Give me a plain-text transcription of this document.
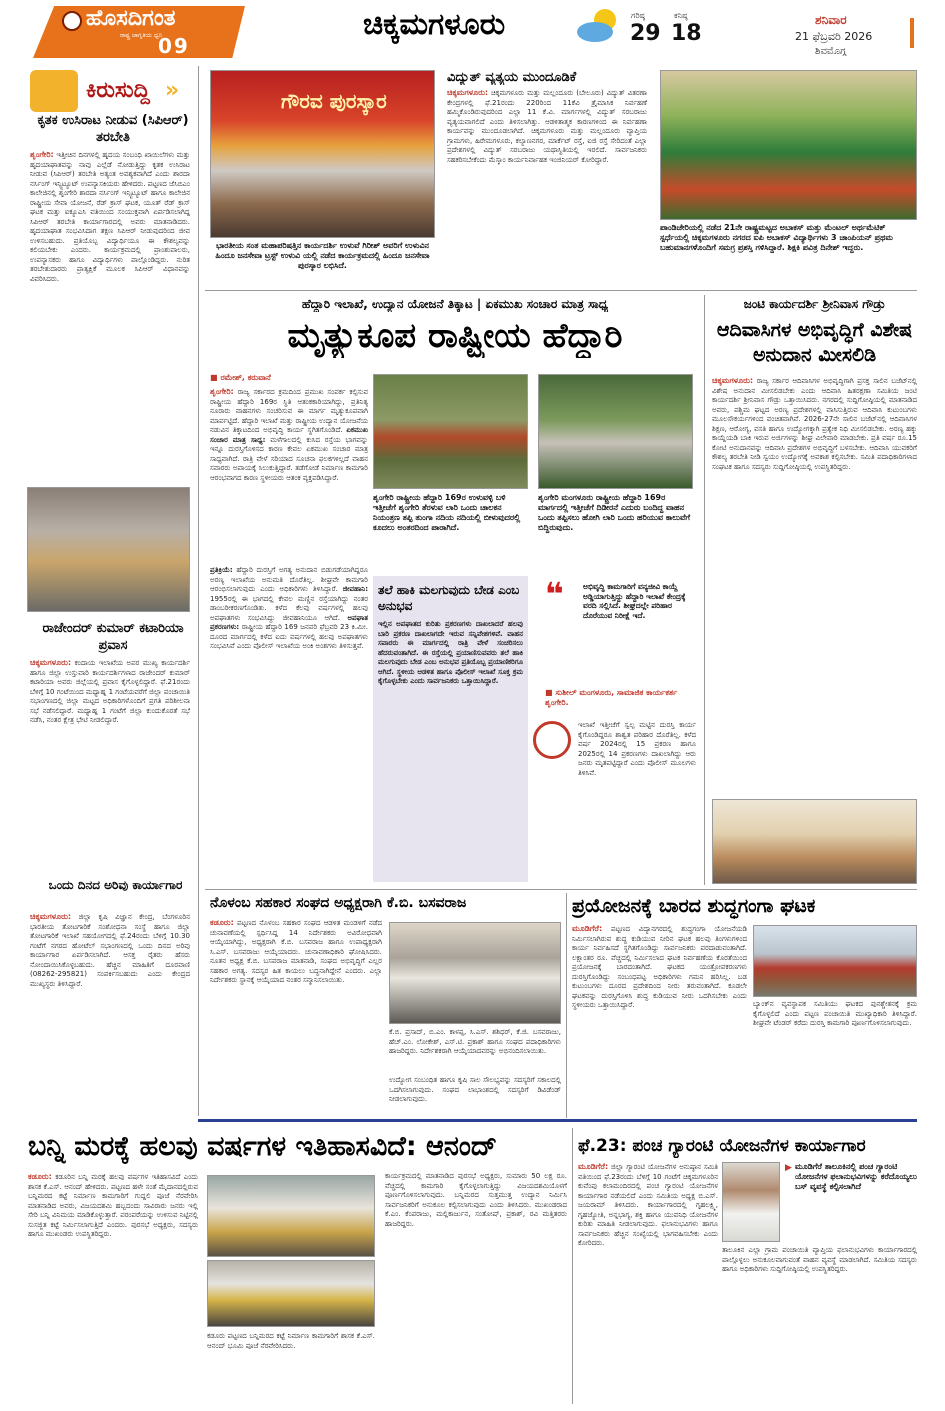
ಹೊಸದಿಗಂತ
ರಾಷ್ಟ್ರ ಜಾಗೃತಿಯ ಧ್ವನಿ
09
ಚಿಕ್ಕಮಗಳೂರು	ಗರಿಷ್ಠ
29
ಕನಿಷ್ಠ
18
ಶನಿವಾರ
21 ಫೆಬ್ರವರಿ 2026
ಶಿವಮೊಗ್ಗ
ಕಿರುಸುದ್ದಿ »
ಕೃತಕ ಉಸಿರಾಟ ನೀಡುವ (ಸಿಪಿಆರ್) ತರಬೇತಿ
ಶೃಂಗೇರಿ: ಇತ್ತೀಚಿನ ದಿನಗಳಲ್ಲಿ ಹೃದಯ ಸಂಬಂಧಿ ಖಾಯಿಲೆಗಳು ಮತ್ತು ಹೃದಯಾಘಾತವನ್ನು ನಾವು ಎಲ್ಲೆಡೆ ನೋಡುತ್ತಿದ್ದು ಕೃತಕ ಉಸಿರಾಟ ನೀಡುವ (ಸಿಪಿಆರ್) ತರಬೇತಿ ಅತ್ಯಂತ ಅವಶ್ಯಕವಾಗಿದೆ ಎಂದು ಶಾರದಾ ನರ್ಸಿಂಗ್ ಇನ್ಸ್ಟಿಟ್ಯೂಟ್ ಉಪನ್ಯಾಸಕಿಯರು ಹೇಳಿದರು. ಪಟ್ಟಣದ ಜೆಸಿಬಿಎಂ ಕಾಲೇಜಿನಲ್ಲಿ ಶೃಂಗೇರಿ ಶಾರದಾ ನರ್ಸಿಂಗ್ ಇನ್ಸ್ಟಿಟ್ಯೂಟ್ ಹಾಗೂ ಕಾಲೇಜಿನ ರಾಷ್ಟ್ರೀಯ ಸೇವಾ ಯೋಜನೆ, ರೆಡ್ ಕ್ರಾಸ್ ಘಟಕ, ಯೂತ್ ರೆಡ್ ಕ್ರಾಸ್ ಘಟಕ ಮತ್ತು ಐಕ್ಯೂಎಸಿ ವತಿಯಿಂದ ಸಂಯುಕ್ತವಾಗಿ ಏರ್ಪಡಿಸಲಾಗಿದ್ದ ಸಿಪಿಆರ್ ತರಬೇತಿ ಕಾರ್ಯಾಗಾರದಲ್ಲಿ ಅವರು ಮಾತನಾಡಿದರು. ಹೃದಯಾಘಾತ ಸಂಭವಿಸಿದಾಗ ತಕ್ಷಣ ಸಿಪಿಆರ್ ನೀಡುವುದರಿಂದ ಜೀವ ಉಳಿಸಬಹುದು. ಪ್ರತಿಯೊಬ್ಬ ವಿದ್ಯಾರ್ಥಿಯೂ ಈ ಕೌಶಲ್ಯವನ್ನು ಕಲಿಯಬೇಕು ಎಂದರು. ಕಾರ್ಯಕ್ರಮದಲ್ಲಿ ಪ್ರಾಂಶುಪಾಲರು, ಉಪನ್ಯಾಸಕರು ಹಾಗೂ ವಿದ್ಯಾರ್ಥಿಗಳು ಪಾಲ್ಗೊಂಡಿದ್ದರು. ನುರಿತ ತರಬೇತುದಾರರು ಪ್ರಾತ್ಯಕ್ಷಿಕೆ ಮೂಲಕ ಸಿಪಿಆರ್ ವಿಧಾನವನ್ನು ವಿವರಿಸಿದರು.
ರಾಜೇಂದರ್ ಕುಮಾರ್ ಕಟಾರಿಯಾ ಪ್ರವಾಸ
ಚಿಕ್ಕಮಗಳೂರು: ಕಂದಾಯ ಇಲಾಖೆಯ ಅಪರ ಮುಖ್ಯ ಕಾರ್ಯದರ್ಶಿ ಹಾಗೂ ಜಿಲ್ಲಾ ಉಸ್ತುವಾರಿ ಕಾರ್ಯದರ್ಶಿಗಳಾದ ರಾಜೇಂದರ್ ಕುಮಾರ್ ಕಟಾರಿಯಾ ಅವರು ಜಿಲ್ಲೆಯಲ್ಲಿ ಪ್ರವಾಸ ಕೈಗೊಳ್ಳಲಿದ್ದಾರೆ. ಫೆ.21ರಂದು ಬೆಳಿಗ್ಗೆ 10 ಗಂಟೆಯಿಂದ ಮಧ್ಯಾಹ್ನ 1 ಗಂಟೆಯವರೆಗೆ ಜಿಲ್ಲಾ ಪಂಚಾಯಿತಿ ಸಭಾಂಗಣದಲ್ಲಿ ಜಿಲ್ಲಾ ಮಟ್ಟದ ಅಧಿಕಾರಿಗಳೊಂದಿಗೆ ಪ್ರಗತಿ ಪರಿಶೀಲನಾ ಸಭೆ ನಡೆಸಲಿದ್ದಾರೆ. ಮಧ್ಯಾಹ್ನ 1 ಗಂಟೆಗೆ ಜಿಲ್ಲಾ ಕುಂದುಕೊರತೆ ಸಭೆ ನಡೆಸಿ, ನಂತರ ಕ್ಷೇತ್ರ ಭೇಟಿ ನೀಡಲಿದ್ದಾರೆ.
ಒಂದು ದಿನದ ಅರಿವು ಕಾರ್ಯಾಗಾರ
ಚಿಕ್ಕಮಗಳೂರು: ಜಿಲ್ಲಾ ಕೃಷಿ ವಿಜ್ಞಾನ ಕೇಂದ್ರ, ಬೆಂಗಳೂರಿನ ಭಾರತೀಯ ತೋಟಗಾರಿಕೆ ಸಂಶೋಧನಾ ಸಂಸ್ಥೆ ಹಾಗೂ ಜಿಲ್ಲಾ ತೋಟಗಾರಿಕೆ ಇಲಾಖೆ ಸಹಯೋಗದಲ್ಲಿ ಫೆ.24ರಂದು ಬೆಳಿಗ್ಗೆ 10.30 ಗಂಟೆಗೆ ನಗರದ ಹೋಟೆಲ್ ಸಭಾಂಗಣದಲ್ಲಿ ಒಂದು ದಿನದ ಅರಿವು ಕಾರ್ಯಾಗಾರ ಏರ್ಪಡಿಸಲಾಗಿದೆ. ಆಸಕ್ತ ರೈತರು ಹೆಸರು ನೋಂದಾಯಿಸಿಕೊಳ್ಳಬಹುದು. ಹೆಚ್ಚಿನ ಮಾಹಿತಿಗೆ ದೂರವಾಣಿ (08262-295821) ಸಂಪರ್ಕಿಸಬಹುದು ಎಂದು ಕೇಂದ್ರದ ಮುಖ್ಯಸ್ಥರು ತಿಳಿಸಿದ್ದಾರೆ.
ಗೌರವ ಪುರಸ್ಕಾರ
ಭಾರತೀಯ ಸಂತ ಮಹಾಪರಿಷತ್ತಿನ ಕಾರ್ಯದರ್ಶಿ ಉಳುವೆ ಗಿರೀಶ್ ಅವರಿಗೆ ಉಳುವಿನ ಹಿಂದೂ ಜನಸೇವಾ ಟ್ರಸ್ಟ್ ಉಳುವಿ ಯಲ್ಲಿ ನಡೆದ ಕಾರ್ಯಕ್ರಮದಲ್ಲಿ ಹಿಂದೂ ಜನಸೇವಾ ಪುರಸ್ಕಾರ ಲಭಿಸಿದೆ.
ವಿದ್ಯುತ್ ವ್ಯತ್ಯಯ ಮುಂದೂಡಿಕೆ
ಚಿಕ್ಕಮಗಳೂರು: ಚಿಕ್ಕಮಗಳೂರು ಮತ್ತು ಮಲ್ಲಂದೂರು (ಬೇಲೂರು) ವಿದ್ಯುತ್ ವಿತರಣಾ ಕೇಂದ್ರಗಳಲ್ಲಿ ಫೆ.21ರಂದು 220ರಿಂದ 11ಕೆವಿ ತ್ರೈಮಾಸಿಕ ನಿರ್ವಹಣೆ ಹಮ್ಮಿಕೊಂಡಿರುವುದರಿಂದ ಎಲ್ಲಾ 11 ಕೆ.ವಿ. ಮಾರ್ಗಗಳಲ್ಲಿ ವಿದ್ಯುತ್ ಸರಬರಾಜು ವ್ಯತ್ಯಯವಾಗಲಿದೆ ಎಂದು ತಿಳಿಸಲಾಗಿತ್ತು. ಆಡಳಿತಾತ್ಮಕ ಕಾರಣಗಳಿಂದ ಈ ನಿರ್ವಹಣಾ ಕಾರ್ಯವನ್ನು ಮುಂದೂಡಲಾಗಿದೆ. ಚಿಕ್ಕಮಗಳೂರು ಮತ್ತು ಮಲ್ಲಂದೂರು ವ್ಯಾಪ್ತಿಯ ಗ್ರಾಮಗಳು, ಹಿರೇಮಗಳೂರು, ಕಲ್ಯಾಣನಗರ, ಮಾರ್ಕೆಟ್ ರಸ್ತೆ, ಐಜಿ ರಸ್ತೆ ಸೇರಿದಂತೆ ಎಲ್ಲಾ ಪ್ರದೇಶಗಳಲ್ಲಿ ವಿದ್ಯುತ್ ಸರಬರಾಜು ಯಥಾಸ್ಥಿತಿಯಲ್ಲಿ ಇರಲಿದೆ. ಸಾರ್ವಜನಿಕರು ಸಹಕರಿಸಬೇಕೆಂದು ಮೆಸ್ಕಾಂ ಕಾರ್ಯನಿರ್ವಾಹಕ ಇಂಜಿನಿಯರ್ ಕೋರಿದ್ದಾರೆ.
ಪಾಂಡಿಚೇರಿಯಲ್ಲಿ ನಡೆದ 21ನೇ ರಾಷ್ಟ್ರಮಟ್ಟದ ಅಬಾಕಸ್ ಮತ್ತು ಮೆಂಟಲ್ ಅರ್ಥಮೆಟಿಕ್ ಸ್ಪರ್ಧೆಯಲ್ಲಿ ಚಿಕ್ಕಮಗಳೂರು ನಗರದ ಐಪಿ ಅಬಾಕಸ್ ವಿದ್ಯಾರ್ಥಿಗಳು 3 ಚಾಂಪಿಯನ್ ಪ್ರಥಮ ಬಹುಮಾನಗಳೊಂದಿಗೆ ಸಮಗ್ರ ಪ್ರಶಸ್ತಿ ಗಳಿಸಿದ್ದಾರೆ. ಶಿಕ್ಷಕಿ ಪವಿತ್ರ ದಿನೇಶ್ ಇದ್ದರು.
ಹೆದ್ದಾರಿ ಇಲಾಖೆ, ಉದ್ಯಾನ ಯೋಜನೆ ತಿಕ್ಕಾಟ | ಏಕಮುಖ ಸಂಚಾರ ಮಾತ್ರ ಸಾಧ್ಯ
ಮೃತ್ಯುಕೂಪ ರಾಷ್ಟ್ರೀಯ ಹೆದ್ದಾರಿ
■ ರಮೇಶ್, ಕರುವಾನೆ
ಶೃಂಗೇರಿ: ರಾಜ್ಯ ಸರ್ಕಾರದ ಕ್ರಮದಿಂದ ಪ್ರಮುಖ ಸಂಪರ್ಕ ಕಲ್ಪಿಸುವ ರಾಷ್ಟ್ರೀಯ ಹೆದ್ದಾರಿ 169ರ ಸ್ಥಿತಿ ಆತಂಕಕಾರಿಯಾಗಿದ್ದು, ಪ್ರತಿನಿತ್ಯ ನೂರಾರು ವಾಹನಗಳು ಸಂಚರಿಸುವ ಈ ಮಾರ್ಗ ಮೃತ್ಯುಕೂಪವಾಗಿ ಮಾರ್ಪಟ್ಟಿದೆ. ಹೆದ್ದಾರಿ ಇಲಾಖೆ ಮತ್ತು ರಾಷ್ಟ್ರೀಯ ಉದ್ಯಾನ ಯೋಜನೆಯ ನಡುವಿನ ತಿಕ್ಕಾಟದಿಂದ ಅಭಿವೃದ್ಧಿ ಕಾರ್ಯ ಸ್ಥಗಿತಗೊಂಡಿದೆ. ಏಕಮುಖ ಸಂಚಾರ ಮಾತ್ರ ಸಾಧ್ಯ: ಮಳೆಗಾಲದಲ್ಲಿ ಕುಸಿದ ರಸ್ತೆಯ ಭಾಗವನ್ನು ಇನ್ನೂ ದುರಸ್ತಿಗೊಳಿಸದ ಕಾರಣ ಕೇವಲ ಏಕಮುಖ ಸಂಚಾರ ಮಾತ್ರ ಸಾಧ್ಯವಾಗಿದೆ. ರಾತ್ರಿ ವೇಳೆ ಸರಿಯಾದ ಸೂಚನಾ ಫಲಕಗಳಿಲ್ಲದೆ ವಾಹನ ಸವಾರರು ಅಪಾಯಕ್ಕೆ ಸಿಲುಕುತ್ತಿದ್ದಾರೆ. ತಡೆಗೋಡೆ ನಿರ್ಮಾಣ ಕಾಮಗಾರಿ ಆರಂಭವಾಗದ ಕಾರಣ ಸ್ಥಳೀಯರು ಆತಂಕ ವ್ಯಕ್ತಪಡಿಸಿದ್ದಾರೆ.
ಪ್ರತಿಕ್ರಿಯೆ: ಹೆದ್ದಾರಿ ದುರಸ್ತಿಗೆ ಅಗತ್ಯ ಅನುದಾನ ಬಿಡುಗಡೆಯಾಗಿದ್ದರೂ ಅರಣ್ಯ ಇಲಾಖೆಯ ಅನುಮತಿ ದೊರೆತಿಲ್ಲ. ಶೀಘ್ರವೇ ಕಾಮಗಾರಿ ಆರಂಭಿಸಲಾಗುವುದು ಎಂದು ಅಧಿಕಾರಿಗಳು ತಿಳಿಸಿದ್ದಾರೆ. ಜೀವಹಾನಿ: 1955ರಲ್ಲಿ ಈ ಭಾಗದಲ್ಲಿ ಕೇವಲ ಮಣ್ಣಿನ ರಸ್ತೆಯಾಗಿದ್ದು ನಂತರ ಡಾಂಬರೀಕರಣಗೊಂಡಿತು. ಕಳೆದ ಕೆಲವು ವರ್ಷಗಳಲ್ಲಿ ಹಲವು ಅಪಘಾತಗಳು ಸಂಭವಿಸಿದ್ದು ಜೀವಹಾನಿಯೂ ಆಗಿದೆ. ಅಪಘಾತ ಪ್ರಕರಣಗಳು: ರಾಷ್ಟ್ರೀಯ ಹೆದ್ದಾರಿ 169 ಜನವರಿ ಫೆಬ್ರವರಿ 23 ಕಿ.ಮೀ. ದೂರದ ಮಾರ್ಗದಲ್ಲಿ ಕಳೆದ ಐದು ವರ್ಷಗಳಲ್ಲಿ ಹಲವು ಅಪಘಾತಗಳು ಸಂಭವಿಸಿವೆ ಎಂದು ಪೊಲೀಸ್ ಇಲಾಖೆಯ ಅಂಕಿ ಅಂಶಗಳು ತಿಳಿಸುತ್ತವೆ.
ಶೃಂಗೇರಿ ರಾಷ್ಟ್ರೀಯ ಹೆದ್ದಾರಿ 169ರ ಉಳುವಳ್ಳಿ ಬಳಿ ಇತ್ತೀಚೆಗೆ ಶೃಂಗೇರಿ ತೆರಳುವ ಲಾರಿ ಒಂದು ಚಾಲಕನ ನಿಯಂತ್ರಣ ತಪ್ಪಿ ತುಂಗಾ ನದಿಯ ನದಿಯಲ್ಲಿ ಬೀಳುವುದರಲ್ಲಿ ಕೂದಲು ಅಂತರದಿಂದ ಪಾರಾಗಿದೆ.
ಶೃಂಗೇರಿ ಮಂಗಳೂರು ರಾಷ್ಟ್ರೀಯ ಹೆದ್ದಾರಿ 169ರ ಮಾರ್ಗದಲ್ಲಿ ಇತ್ತೀಚೆಗೆ ದಿಡೀರನೆ ಎದುರು ಬಂದಿದ್ದ ವಾಹನ ಒಂದು ತಪ್ಪಿಸಲು ಹೋಗಿ ಲಾರಿ ಒಂದು ಹರಿಯುವ ಕಾಲುವೆಗೆ ಬಿದ್ದಿರುವುದು.
ತಲೆ ಹಾಕಿ ಮಲಗುವುದು ಬೇಡ ಎಂಬ ಅನುಭವ
ಇಲ್ಲಿನ ಅಪಘಾತದ ಕುರಿತು ಪ್ರಕರಣಗಳು ದಾಖಲಾದರೆ ಹಲವು ಬಾರಿ ಪ್ರಕರಣ ದಾಖಲಾಗದೇ ಇರುವ ಸನ್ನಿವೇಶಗಳಿವೆ. ವಾಹನ ಸವಾರರು ಈ ಮಾರ್ಗದಲ್ಲಿ ರಾತ್ರಿ ವೇಳೆ ಸಂಚರಿಸಲು ಹೆದರುವಂತಾಗಿದೆ. ಈ ರಸ್ತೆಯಲ್ಲಿ ಪ್ರಯಾಣಿಸುವವರು ತಲೆ ಹಾಕಿ ಮಲಗುವುದು ಬೇಡ ಎಂಬ ಅನುಭವ ಪ್ರತಿಯೊಬ್ಬ ಪ್ರಯಾಣಿಕರಿಗೂ ಆಗಿದೆ. ಸ್ಥಳೀಯ ಆಡಳಿತ ಹಾಗೂ ಪೊಲೀಸ್ ಇಲಾಖೆ ಸೂಕ್ತ ಕ್ರಮ ಕೈಗೊಳ್ಳಬೇಕು ಎಂದು ಸಾರ್ವಜನಿಕರು ಒತ್ತಾಯಿಸಿದ್ದಾರೆ.
❝	ಅಭಿವೃದ್ಧಿ ಕಾಮಗಾರಿಗೆ ವನ್ಯಜೀವಿ ಕಾಯ್ದೆ ಅಡ್ಡಿಯಾಗುತ್ತಿದ್ದು ಹೆದ್ದಾರಿ ಇಲಾಖೆ ಕೇಂದ್ರಕ್ಕೆ ವರದಿ ಸಲ್ಲಿಸಿದೆ. ಶೀಘ್ರದಲ್ಲೇ ಪರಿಹಾರ ದೊರೆಯುವ ನಿರೀಕ್ಷೆ ಇದೆ.
■ ಸುಶೀಲ್ ಮಂಗಳೂರು, ಸಾಮಾಜಿಕ ಕಾರ್ಯಕರ್ತ ಶೃಂಗೇರಿ.
ಇಲಾಖೆ ಇತ್ತೀಚೆಗೆ ಸ್ವಲ್ಪ ಮಟ್ಟಿನ ದುರಸ್ತಿ ಕಾರ್ಯ ಕೈಗೊಂಡಿದ್ದರೂ ಶಾಶ್ವತ ಪರಿಹಾರ ದೊರೆತಿಲ್ಲ. ಕಳೆದ ವರ್ಷ 2024ರಲ್ಲಿ 15 ಪ್ರಕರಣ ಹಾಗೂ 2025ರಲ್ಲಿ 14 ಪ್ರಕರಣಗಳು ದಾಖಲಾಗಿದ್ದು ಆರು ಜನರು ಮೃತಪಟ್ಟಿದ್ದಾರೆ ಎಂದು ಪೊಲೀಸ್ ಮೂಲಗಳು ತಿಳಿಸಿವೆ.
ಜಂಟಿ ಕಾರ್ಯದರ್ಶಿ ಶ್ರೀನಿವಾಸ ಗೌಡ್ರು
ಆದಿವಾಸಿಗಳ ಅಭಿವೃದ್ಧಿಗೆ ವಿಶೇಷ ಅನುದಾನ ಮೀಸಲಿಡಿ
ಚಿಕ್ಕಮಗಳೂರು: ರಾಜ್ಯ ಸರ್ಕಾರ ಆದಿವಾಸಿಗಳ ಅಭಿವೃದ್ಧಿಗಾಗಿ ಪ್ರಸಕ್ತ ಸಾಲಿನ ಬಜೆಟ್‌ನಲ್ಲಿ ವಿಶೇಷ ಅನುದಾನ ಮೀಸಲಿಡಬೇಕು ಎಂದು ಆದಿವಾಸಿ ಹಿತರಕ್ಷಣಾ ಸಮಿತಿಯ ಜಂಟಿ ಕಾರ್ಯದರ್ಶಿ ಶ್ರೀನಿವಾಸ ಗೌಡ್ರು ಒತ್ತಾಯಿಸಿದರು. ನಗರದಲ್ಲಿ ಸುದ್ದಿಗೋಷ್ಠಿಯಲ್ಲಿ ಮಾತನಾಡಿದ ಅವರು, ಪಶ್ಚಿಮ ಘಟ್ಟದ ಅರಣ್ಯ ಪ್ರದೇಶಗಳಲ್ಲಿ ವಾಸಿಸುತ್ತಿರುವ ಆದಿವಾಸಿ ಕುಟುಂಬಗಳು ಮೂಲಸೌಕರ್ಯಗಳಿಂದ ವಂಚಿತವಾಗಿವೆ. 2026-27ನೇ ಸಾಲಿನ ಬಜೆಟ್‌ನಲ್ಲಿ ಆದಿವಾಸಿಗಳ ಶಿಕ್ಷಣ, ಆರೋಗ್ಯ, ವಸತಿ ಹಾಗೂ ಉದ್ಯೋಗಕ್ಕಾಗಿ ಪ್ರತ್ಯೇಕ ನಿಧಿ ಮೀಸಲಿಡಬೇಕು. ಅರಣ್ಯ ಹಕ್ಕು ಕಾಯ್ದೆಯಡಿ ಬಾಕಿ ಇರುವ ಅರ್ಜಿಗಳನ್ನು ಶೀಘ್ರ ವಿಲೇವಾರಿ ಮಾಡಬೇಕು. ಪ್ರತಿ ವರ್ಷ ರೂ.15 ಕೋಟಿ ಅನುದಾನವನ್ನು ಆದಿವಾಸಿ ಪ್ರದೇಶಗಳ ಅಭಿವೃದ್ಧಿಗೆ ಬಳಸಬೇಕು. ಆದಿವಾಸಿ ಯುವಕರಿಗೆ ಕೌಶಲ್ಯ ತರಬೇತಿ ನೀಡಿ ಸ್ವಯಂ ಉದ್ಯೋಗಕ್ಕೆ ಅವಕಾಶ ಕಲ್ಪಿಸಬೇಕು. ಸಮಿತಿ ಪದಾಧಿಕಾರಿಗಳಾದ ಸಂಘಟಕ ಹಾಗೂ ಸದಸ್ಯರು ಸುದ್ದಿಗೋಷ್ಠಿಯಲ್ಲಿ ಉಪಸ್ಥಿತರಿದ್ದರು.
ನೊಳಂಬ ಸಹಕಾರ ಸಂಘದ ಅಧ್ಯಕ್ಷರಾಗಿ ಕೆ.ಬಿ. ಬಸವರಾಜ
ಕಡೂರು: ಪಟ್ಟಣದ ನೊಳಂಬ ಸಹಕಾರ ಸಂಘದ ಆಡಳಿತ ಮಂಡಳಿಗೆ ನಡೆದ ಚುನಾವಣೆಯಲ್ಲಿ ಸ್ಪರ್ಧಿಸಿದ್ದ 14 ನಿರ್ದೇಶಕರು ಅವಿರೋಧವಾಗಿ ಆಯ್ಕೆಯಾಗಿದ್ದು, ಅಧ್ಯಕ್ಷರಾಗಿ ಕೆ.ಬಿ. ಬಸವರಾಜ ಹಾಗೂ ಉಪಾಧ್ಯಕ್ಷರಾಗಿ ಸಿ.ಎಸ್. ಬಸವರಾಜು ಆಯ್ಕೆಯಾದರು. ಚುನಾವಣಾಧಿಕಾರಿ ಘೋಷಿಸಿದರು. ನೂತನ ಅಧ್ಯಕ್ಷ ಕೆ.ಬಿ. ಬಸವರಾಜ ಮಾತನಾಡಿ, ಸಂಘದ ಅಭಿವೃದ್ಧಿಗೆ ಎಲ್ಲರ ಸಹಕಾರ ಅಗತ್ಯ. ಸದಸ್ಯರ ಹಿತ ಕಾಯಲು ಬದ್ಧನಾಗಿದ್ದೇನೆ ಎಂದರು. ಎಲ್ಲಾ ನಿರ್ದೇಶಕರು ಸ್ಥಾನಕ್ಕೆ ಆಯ್ಕೆಯಾದ ನಂತರ ಸನ್ಮಾನಿಸಲಾಯಿತು.
ಕೆ.ಬಿ. ಪ್ರಸಾದ್, ಬಿ.ಎಂ. ಕಾಳಪ್ಪ, ಸಿ.ಎಸ್. ಶಶಿಧರ್, ಕೆ.ಜಿ. ಬಸವರಾಜು, ಹೆಚ್.ಎಂ. ಲೋಕೇಶ್, ಎಸ್.ಟಿ. ಪ್ರಕಾಶ್ ಹಾಗೂ ಸಂಘದ ಪದಾಧಿಕಾರಿಗಳು ಹಾಜರಿದ್ದರು. ನಿರ್ದೇಶಕರಾಗಿ ಆಯ್ಕೆಯಾದವರನ್ನು ಅಭಿನಂದಿಸಲಾಯಿತು.
ಉದ್ಯೋಗ ಸಂಬಂಧಿತ ಹಾಗೂ ಕೃಷಿ ಸಾಲ ಸೌಲಭ್ಯವನ್ನು ಸದಸ್ಯರಿಗೆ ಸಕಾಲದಲ್ಲಿ ಒದಗಿಸಲಾಗುವುದು. ಸಂಘದ ಲಾಭಾಂಶದಲ್ಲಿ ಸದಸ್ಯರಿಗೆ ಡಿವಿಡೆಂಡ್ ನೀಡಲಾಗುವುದು.
ಪ್ರಯೋಜನಕ್ಕೆ ಬಾರದ ಶುದ್ಧಗಂಗಾ ಘಟಕ
ಮೂಡಿಗೆರೆ: ಪಟ್ಟಣದ ವಿದ್ಯಾನಗರದಲ್ಲಿ ಶುದ್ಧಗಂಗಾ ಯೋಜನೆಯಡಿ ನಿರ್ಮಿಸಲಾಗಿರುವ ಶುದ್ಧ ಕುಡಿಯುವ ನೀರಿನ ಘಟಕ ಹಲವು ತಿಂಗಳುಗಳಿಂದ ಕಾರ್ಯ ನಿರ್ವಹಿಸದೆ ಸ್ಥಗಿತಗೊಂಡಿದ್ದು ಸಾರ್ವಜನಿಕರು ಪರದಾಡುವಂತಾಗಿದೆ. ಲಕ್ಷಾಂತರ ರೂ. ವೆಚ್ಚದಲ್ಲಿ ನಿರ್ಮಿಸಲಾದ ಘಟಕ ನಿರ್ವಹಣೆಯ ಕೊರತೆಯಿಂದ ಪ್ರಯೋಜನಕ್ಕೆ ಬಾರದಂತಾಗಿದೆ. ಘಟಕದ ಯಂತ್ರೋಪಕರಣಗಳು ದುರಸ್ತಿಗೊಂಡಿದ್ದು ಸಂಬಂಧಪಟ್ಟ ಅಧಿಕಾರಿಗಳು ಗಮನ ಹರಿಸಿಲ್ಲ. ಬಡ ಕುಟುಂಬಗಳು ದೂರದ ಪ್ರದೇಶದಿಂದ ನೀರು ತರುವಂತಾಗಿದೆ. ಕೂಡಲೇ ಘಟಕವನ್ನು ದುರಸ್ತಿಗೊಳಿಸಿ ಶುದ್ಧ ಕುಡಿಯುವ ನೀರು ಒದಗಿಸಬೇಕು ಎಂದು ಸ್ಥಳೀಯರು ಒತ್ತಾಯಿಸಿದ್ದಾರೆ.	ಬ್ಯಾಂಕ್‌ನ ವ್ಯವಸ್ಥಾಪಕ ಸಮಿತಿಯು ಘಟಕದ ಪುನಶ್ಚೇತನಕ್ಕೆ ಕ್ರಮ ಕೈಗೊಳ್ಳಲಿದೆ ಎಂದು ಪಟ್ಟಣ ಪಂಚಾಯಿತಿ ಮುಖ್ಯಾಧಿಕಾರಿ ತಿಳಿಸಿದ್ದಾರೆ. ಶೀಘ್ರವೇ ಟೆಂಡರ್ ಕರೆದು ದುರಸ್ತಿ ಕಾಮಗಾರಿ ಪೂರ್ಣಗೊಳಿಸಲಾಗುವುದು.
ಬನ್ನಿ ಮರಕ್ಕೆ ಹಲವು ವರ್ಷಗಳ ಇತಿಹಾಸವಿದೆ: ಆನಂದ್
ಕಡೂರು: ಕಡೂರಿನ ಬನ್ನಿ ಮರಕ್ಕೆ ಹಲವು ವರ್ಷಗಳ ಇತಿಹಾಸವಿದೆ ಎಂದು ಶಾಸಕ ಕೆ.ಎಸ್. ಆನಂದ್ ಹೇಳಿದರು. ಪಟ್ಟಣದ ಹಳೇ ಸಂತೆ ಮೈದಾನದಲ್ಲಿರುವ ಬನ್ನಿಮರದ ಕಟ್ಟೆ ನಿರ್ಮಾಣ ಕಾಮಗಾರಿಗೆ ಗುದ್ದಲಿ ಪೂಜೆ ನೆರವೇರಿಸಿ ಮಾತನಾಡಿದ ಅವರು, ವಿಜಯದಶಮಿ ಹಬ್ಬದಂದು ಸಾವಿರಾರು ಜನರು ಇಲ್ಲಿ ಸೇರಿ ಬನ್ನಿ ವಿನಿಮಯ ಮಾಡಿಕೊಳ್ಳುತ್ತಾರೆ. ಪರಂಪರೆಯನ್ನು ಉಳಿಸುವ ನಿಟ್ಟಿನಲ್ಲಿ ಸುಸಜ್ಜಿತ ಕಟ್ಟೆ ನಿರ್ಮಿಸಲಾಗುತ್ತಿದೆ ಎಂದರು. ಪುರಸಭೆ ಅಧ್ಯಕ್ಷರು, ಸದಸ್ಯರು ಹಾಗೂ ಮುಖಂಡರು ಉಪಸ್ಥಿತರಿದ್ದರು.
ಕಡೂರು ಪಟ್ಟಣದ ಬನ್ನಿಮರದ ಕಟ್ಟೆ ನಿರ್ಮಾಣ ಕಾಮಗಾರಿಗೆ ಶಾಸಕ ಕೆ.ಎಸ್. ಆನಂದ್ ಭೂಮಿ ಪೂಜೆ ನೆರವೇರಿಸಿದರು.
ಕಾರ್ಯಕ್ರಮದಲ್ಲಿ ಮಾತನಾಡಿದ ಪುರಸಭೆ ಅಧ್ಯಕ್ಷರು, ಸುಮಾರು 50 ಲಕ್ಷ ರೂ. ವೆಚ್ಚದಲ್ಲಿ ಕಾಮಗಾರಿ ಕೈಗೊಳ್ಳಲಾಗುತ್ತಿದ್ದು ವಿಜಯದಶಮಿಯೊಳಗೆ ಪೂರ್ಣಗೊಳಿಸಲಾಗುವುದು. ಬನ್ನಿಮರದ ಸುತ್ತಮುತ್ತ ಉದ್ಯಾನ ನಿರ್ಮಿಸಿ ಸಾರ್ವಜನಿಕರಿಗೆ ಅನುಕೂಲ ಕಲ್ಪಿಸಲಾಗುವುದು ಎಂದು ತಿಳಿಸಿದರು. ಮುಖಂಡರಾದ ಕೆ.ಎಂ. ಕೆಂಪರಾಜು, ಮಲ್ಲಿಕಾರ್ಜುನ, ಸಂತೋಷ್, ಪ್ರಕಾಶ್, ರವಿ ಮತ್ತಿತರರು ಹಾಜರಿದ್ದರು.
ಫೆ.23: ಪಂಚ ಗ್ಯಾರಂಟಿ ಯೋಜನೆಗಳ ಕಾರ್ಯಾಗಾರ
ಮೂಡಿಗೆರೆ: ಜಿಲ್ಲಾ ಗ್ಯಾರಂಟಿ ಯೋಜನೆಗಳ ಅನುಷ್ಠಾನ ಸಮಿತಿ ವತಿಯಿಂದ ಫೆ.23ರಂದು ಬೆಳಿಗ್ಗೆ 10 ಗಂಟೆಗೆ ಚಿಕ್ಕಮಗಳೂರಿನ ಕುವೆಂಪು ಕಲಾಮಂದಿರದಲ್ಲಿ ಪಂಚ ಗ್ಯಾರಂಟಿ ಯೋಜನೆಗಳ ಕಾರ್ಯಾಗಾರ ನಡೆಯಲಿದೆ ಎಂದು ಸಮಿತಿಯ ಅಧ್ಯಕ್ಷ ಬಿ.ಎಸ್. ಜಯರಾಮ್ ತಿಳಿಸಿದರು. ಕಾರ್ಯಾಗಾರದಲ್ಲಿ ಗೃಹಲಕ್ಷ್ಮಿ, ಗೃಹಜ್ಯೋತಿ, ಅನ್ನಭಾಗ್ಯ, ಶಕ್ತಿ ಹಾಗೂ ಯುವನಿಧಿ ಯೋಜನೆಗಳ ಕುರಿತು ಮಾಹಿತಿ ನೀಡಲಾಗುವುದು. ಫಲಾನುಭವಿಗಳು ಹಾಗೂ ಸಾರ್ವಜನಿಕರು ಹೆಚ್ಚಿನ ಸಂಖ್ಯೆಯಲ್ಲಿ ಭಾಗವಹಿಸಬೇಕು ಎಂದು ಕೋರಿದರು.
▶ ಮೂಡಿಗೆರೆ ತಾಲೂಕಿನಲ್ಲಿ ಪಂಚ ಗ್ಯಾರಂಟಿ ಯೋಜನೆಗಳ ಫಲಾನುಭವಿಗಳನ್ನು ಕರೆದೊಯ್ಯಲು ಬಸ್ ವ್ಯವಸ್ಥೆ ಕಲ್ಪಿಸಲಾಗಿದೆ
ತಾಲೂಕಿನ ಎಲ್ಲಾ ಗ್ರಾಮ ಪಂಚಾಯಿತಿ ವ್ಯಾಪ್ತಿಯ ಫಲಾನುಭವಿಗಳು ಕಾರ್ಯಾಗಾರದಲ್ಲಿ ಪಾಲ್ಗೊಳ್ಳಲು ಅನುಕೂಲವಾಗುವಂತೆ ವಾಹನ ವ್ಯವಸ್ಥೆ ಮಾಡಲಾಗಿದೆ. ಸಮಿತಿಯ ಸದಸ್ಯರು ಹಾಗೂ ಅಧಿಕಾರಿಗಳು ಸುದ್ದಿಗೋಷ್ಠಿಯಲ್ಲಿ ಉಪಸ್ಥಿತರಿದ್ದರು.
